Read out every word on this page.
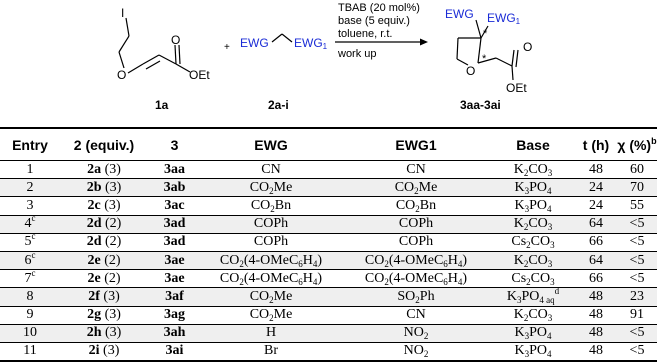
I
O
O
OEt
1a
+ EWG EWG1
2a-i
TBAB (20 mol%)
base (5 equiv.)
toluene, r.t.
work up
EWG EWG1
*
*
O
O
OEt
3aa-3ai
Entry	2 (equiv.)	3	EWG	EWG1	Base	t (h)	χ (%)$^b$
1	2a (3)	3aa	CN	CN	$K_2CO_3$	48	60
2	2b (3)	3ab	$CO_2Me$	$CO_2Me$	$K_3PO_4$	24	70
3	2c (3)	3ac	$CO_2Bn$	$CO_2Bn$	$K_3PO_4$	24	55
4$^c$	2d (2)	3ad	COPh	COPh	$K_2CO_3$	64	<5
5$^c$	2d (2)	3ad	COPh	COPh	$Cs_2CO_3$	66	<5
6$^c$	2e (2)	3ae	$CO_2(4-OMeC_6H_4)$	$CO_2(4-OMeC_6H_4)$	$K_2CO_3$	64	<5
7$^c$	2e (2)	3ae	$CO_2(4-OMeC_6H_4)$	$CO_2(4-OMeC_6H_4)$	$Cs_2CO_3$	66	<5
8	2f (3)	3af	$CO_2Me$	$SO_2Ph$	$K_3PO_{4 aq}^d$	48	23
9	2g (3)	3ag	$CO_2Me$	CN	$K_2CO_3$	48	91
10	2h (3)	3ah	H	$NO_2$	$K_3PO_4$	48	<5
11	2i (3)	3ai	Br	$NO_2$	$K_3PO_4$	48	<5
